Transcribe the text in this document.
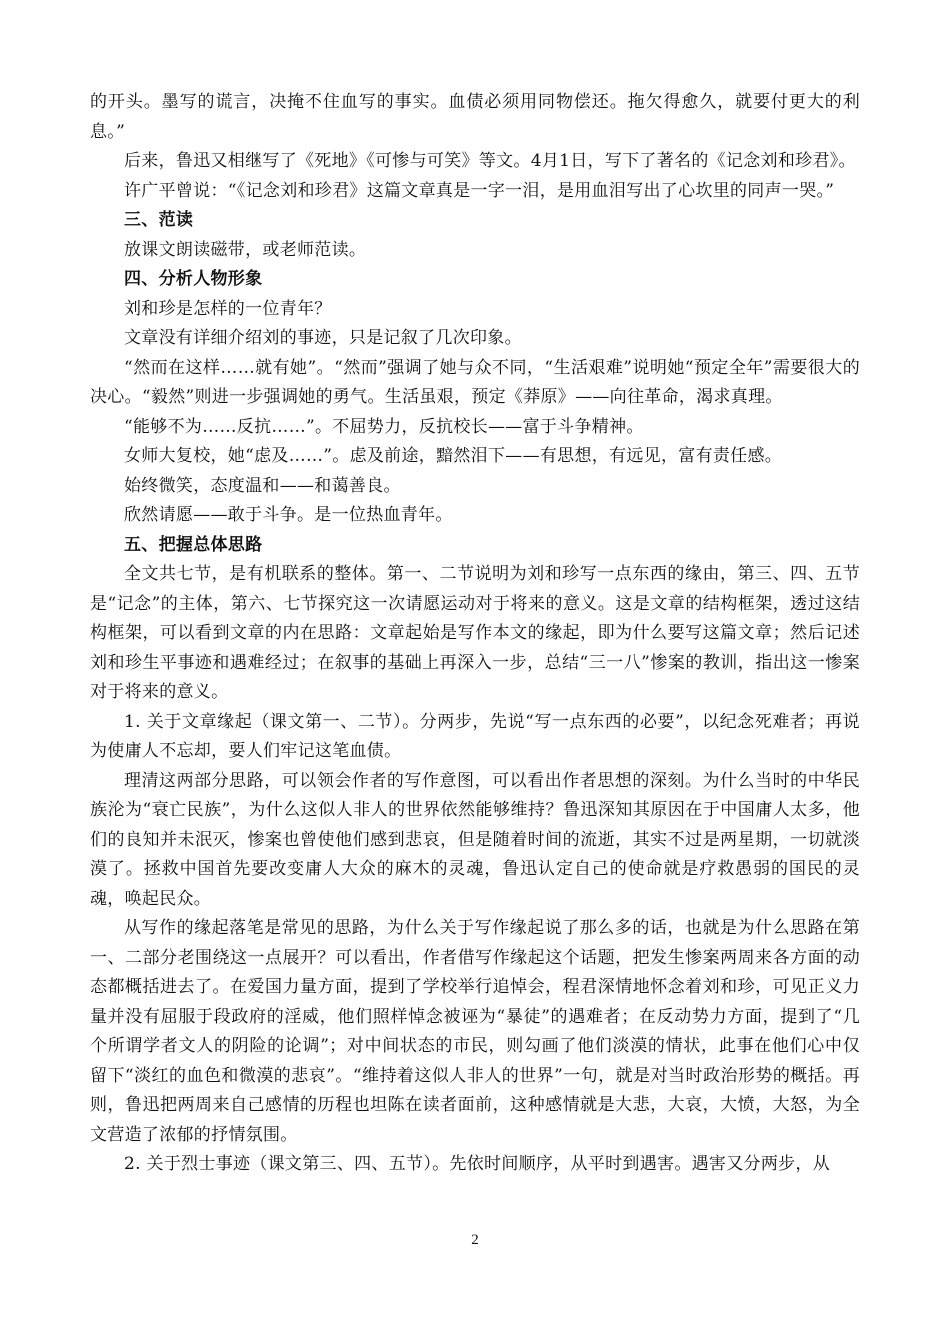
的开头。墨写的谎言，决掩不住血写的事实。血债必须用同物偿还。拖欠得愈久，就要付更大的利息。”

后来，鲁迅又相继写了《死地》《可惨与可笑》等文。4月1日，写下了著名的《记念刘和珍君》。

许广平曾说：“《记念刘和珍君》这篇文章真是一字一泪，是用血泪写出了心坎里的同声一哭。”

三、范读

放课文朗读磁带，或老师范读。

四、分析人物形象

刘和珍是怎样的一位青年？

文章没有详细介绍刘的事迹，只是记叙了几次印象。

“然而在这样……就有她”。“然而”强调了她与众不同，“生活艰难”说明她“预定全年”需要很大的决心。“毅然”则进一步强调她的勇气。生活虽艰，预定《莽原》——向往革命，渴求真理。

“能够不为……反抗……”。不屈势力，反抗校长——富于斗争精神。

女师大复校，她“虑及……”。虑及前途，黯然泪下——有思想，有远见，富有责任感。

始终微笑，态度温和——和蔼善良。

欣然请愿——敢于斗争。是一位热血青年。

五、把握总体思路

全文共七节，是有机联系的整体。第一、二节说明为刘和珍写一点东西的缘由，第三、四、五节是“记念”的主体，第六、七节探究这一次请愿运动对于将来的意义。这是文章的结构框架，透过这结构框架，可以看到文章的内在思路：文章起始是写作本文的缘起，即为什么要写这篇文章；然后记述刘和珍生平事迹和遇难经过；在叙事的基础上再深入一步，总结“三一八”惨案的教训，指出这一惨案对于将来的意义。

1. 关于文章缘起（课文第一、二节）。分两步，先说“写一点东西的必要”，以纪念死难者；再说为使庸人不忘却，要人们牢记这笔血债。

理清这两部分思路，可以领会作者的写作意图，可以看出作者思想的深刻。为什么当时的中华民族沦为“衰亡民族”，为什么这似人非人的世界依然能够维持？鲁迅深知其原因在于中国庸人太多，他们的良知并未泯灭，惨案也曾使他们感到悲哀，但是随着时间的流逝，其实不过是两星期，一切就淡漠了。拯救中国首先要改变庸人大众的麻木的灵魂，鲁迅认定自己的使命就是疗救愚弱的国民的灵魂，唤起民众。

从写作的缘起落笔是常见的思路，为什么关于写作缘起说了那么多的话，也就是为什么思路在第一、二部分老围绕这一点展开？可以看出，作者借写作缘起这个话题，把发生惨案两周来各方面的动态都概括进去了。在爱国力量方面，提到了学校举行追悼会，程君深情地怀念着刘和珍，可见正义力量并没有屈服于段政府的淫威，他们照样悼念被诬为“暴徒”的遇难者；在反动势力方面，提到了“几个所谓学者文人的阴险的论调”；对中间状态的市民，则勾画了他们淡漠的情状，此事在他们心中仅留下“淡红的血色和微漠的悲哀”。“维持着这似人非人的世界”一句，就是对当时政治形势的概括。再则，鲁迅把两周来自己感情的历程也坦陈在读者面前，这种感情就是大悲，大哀，大愤，大怒，为全文营造了浓郁的抒情氛围。

2. 关于烈士事迹（课文第三、四、五节）。先依时间顺序，从平时到遇害。遇害又分两步，从

2
